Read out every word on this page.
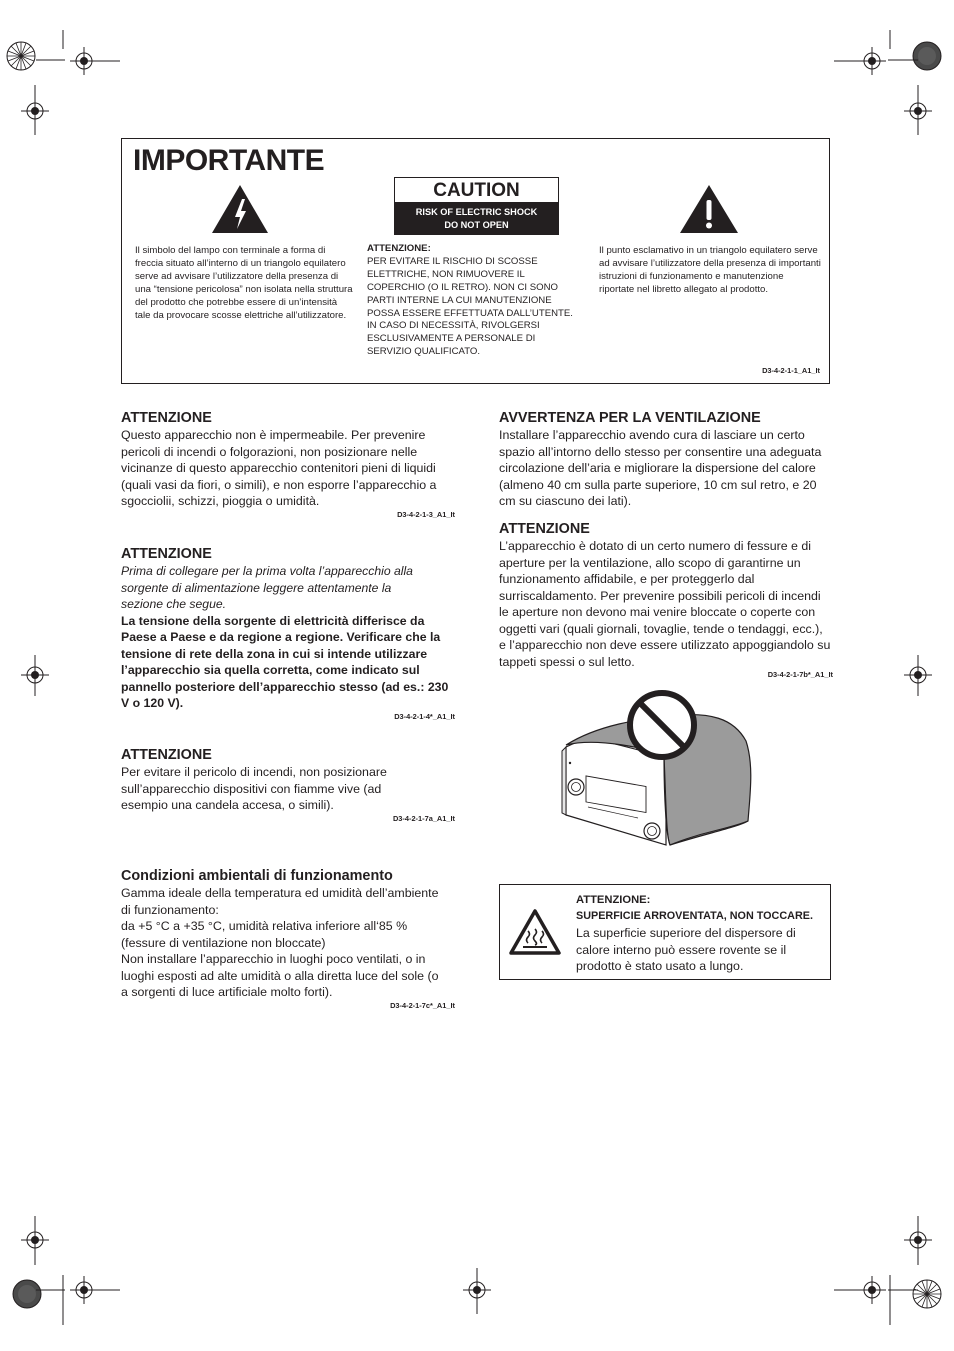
IMPORTANTE
CAUTION
RISK OF ELECTRIC SHOCK
DO NOT OPEN
Il simbolo del lampo con terminale a forma di freccia situato all’interno di un triangolo equilatero serve ad avvisare l’utilizzatore della presenza di una “tensione pericolosa” non isolata nella struttura del prodotto che potrebbe essere di un’intensità tale da provocare scosse elettriche all’utilizzatore.
ATTENZIONE:
PER EVITARE IL RISCHIO DI SCOSSE ELETTRICHE, NON RIMUOVERE IL COPERCHIO (O IL RETRO). NON CI SONO PARTI INTERNE LA CUI MANUTENZIONE POSSA ESSERE EFFETTUATA DALL’UTENTE. IN CASO DI NECESSITÀ, RIVOLGERSI ESCLUSIVAMENTE A PERSONALE DI SERVIZIO QUALIFICATO.
Il punto esclamativo in un triangolo equilatero serve ad avvisare l’utilizzatore della presenza di importanti istruzioni di funzionamento e manutenzione riportate nel libretto allegato al prodotto.
D3-4-2-1-1_A1_It
ATTENZIONE
Questo apparecchio non è impermeabile. Per prevenire pericoli di incendi o folgorazioni, non posizionare nelle vicinanze di questo apparecchio contenitori pieni di liquidi (quali vasi da fiori, o simili), e non esporre l’apparecchio a sgocciolii, schizzi, pioggia o umidità.
D3-4-2-1-3_A1_It
ATTENZIONE
Prima di collegare per la prima volta l’apparecchio alla sorgente di alimentazione leggere attentamente la sezione che segue.
La tensione della sorgente di elettricità differisce da Paese a Paese e da regione a regione. Verificare che la tensione di rete della zona in cui si intende utilizzare l’apparecchio sia quella corretta, come indicato sul pannello posteriore dell’apparecchio stesso (ad es.: 230 V o 120 V).
D3-4-2-1-4*_A1_It
ATTENZIONE
Per evitare il pericolo di incendi, non posizionare sull’apparecchio dispositivi con fiamme vive (ad esempio una candela accesa, o simili).
D3-4-2-1-7a_A1_It
Condizioni ambientali di funzionamento
Gamma ideale della temperatura ed umidità dell’ambiente di funzionamento:
da +5 °C a +35 °C, umidità relativa inferiore all‘85 % (fessure di ventilazione non bloccate)
Non installare l’apparecchio in luoghi poco ventilati, o in luoghi esposti ad alte umidità o alla diretta luce del sole (o a sorgenti di luce artificiale molto forti).
D3-4-2-1-7c*_A1_It
AVVERTENZA PER LA VENTILAZIONE
Installare l’apparecchio avendo cura di lasciare un certo spazio all’intorno dello stesso per consentire una adeguata circolazione dell’aria e migliorare la dispersione del calore (almeno 40 cm sulla parte superiore, 10 cm sul retro, e 20 cm su ciascuno dei lati).
ATTENZIONE
L’apparecchio è dotato di un certo numero di fessure e di aperture per la ventilazione, allo scopo di garantirne un funzionamento affidabile, e per proteggerlo dal surriscaldamento. Per prevenire possibili pericoli di incendi le aperture non devono mai venire bloccate o coperte con oggetti vari (quali giornali, tovaglie, tende o tendaggi, ecc.), e l’apparecchio non deve essere utilizzato appoggiandolo su tappeti spessi o sul letto.
D3-4-2-1-7b*_A1_It
ATTENZIONE:
SUPERFICIE ARROVENTATA, NON TOCCARE.
La superficie superiore del dispersore di calore interno può essere rovente se il prodotto è stato usato a lungo.
